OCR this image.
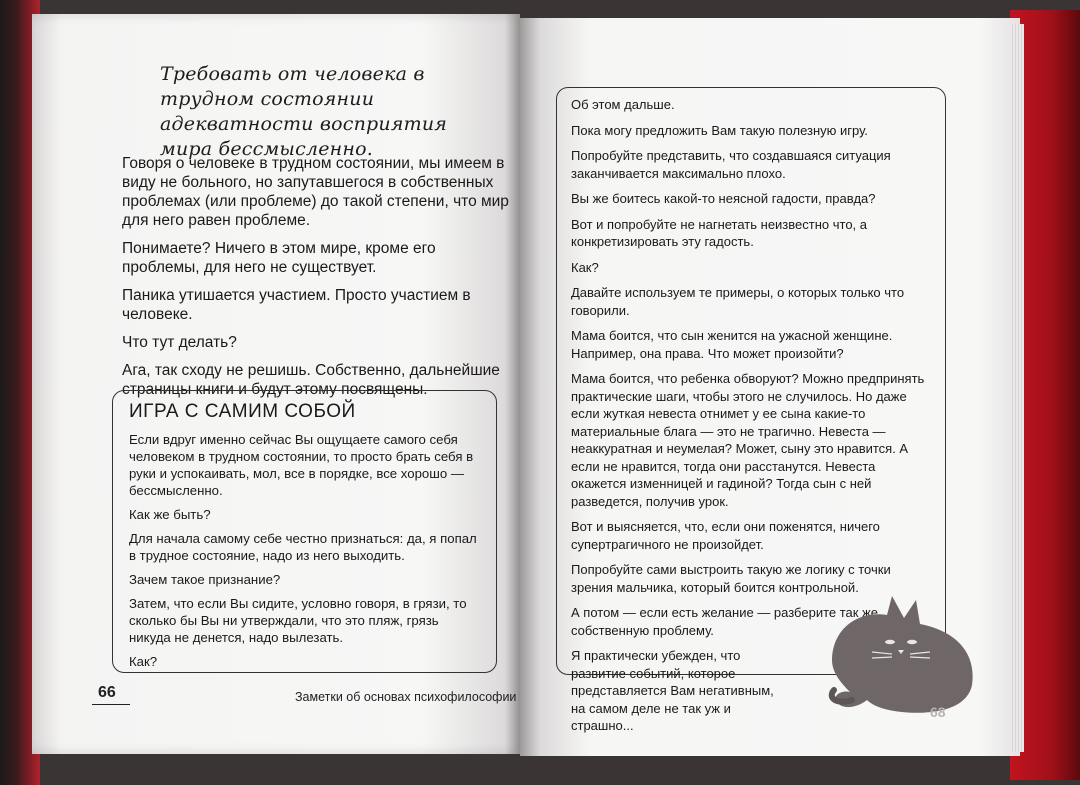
Требовать от человека в трудном состоянии адекватности восприятия мира бессмысленно.

Говоря о человеке в трудном состоянии, мы имеем в виду не больного, но запутавшегося в собственных проблемах (или проблеме) до такой степени, что мир для него равен проблеме.

Понимаете? Ничего в этом мире, кроме его проблемы, для него не существует.

Паника утишается участием. Просто участием в человеке.

Что тут делать?

Ага, так сходу не решишь. Собственно, дальнейшие страницы книги и будут этому посвящены.

ИГРА С САМИМ СОБОЙ

Если вдруг именно сейчас Вы ощущаете самого себя человеком в трудном состоянии, то просто брать себя в руки и успокаивать, мол, все в порядке, все хорошо — бессмысленно.

Как же быть?

Для начала самому себе честно признаться: да, я попал в трудное состояние, надо из него выходить.

Зачем такое признание?

Затем, что если Вы сидите, условно говоря, в грязи, то сколько бы Вы ни утверждали, что это пляж, грязь никуда не денется, надо вылезать.

Как?

66	Заметки об основах психофилософии

Об этом дальше.

Пока могу предложить Вам такую полезную игру.

Попробуйте представить, что создавшаяся ситуация заканчивается максимально плохо.

Вы же боитесь какой-то неясной гадости, правда?

Вот и попробуйте не нагнетать неизвестно что, а конкретизировать эту гадость.

Как?

Давайте используем те примеры, о которых только что говорили.

Мама боится, что сын женится на ужасной женщине. Например, она права. Что может произойти?

Мама боится, что ребенка обворуют? Можно предпринять практические шаги, чтобы этого не случилось. Но даже если жуткая невеста отнимет у ее сына какие-то материальные блага — это не трагично. Невеста — неаккуратная и неумелая? Может, сыну это нравится. А если не нравится, тогда они расстанутся. Невеста окажется изменницей и гадиной? Тогда сын с ней разведется, получив урок.

Вот и выясняется, что, если они поженятся, ничего супертрагичного не произойдет.

Попробуйте сами выстроить такую же логику с точки зрения мальчика, который боится контрольной.

А потом — если есть желание — разберите так же собственную проблему.

Я практически убежден, что развитие событий, которое представляется Вам негативным, на самом деле не так уж и страшно...

68
